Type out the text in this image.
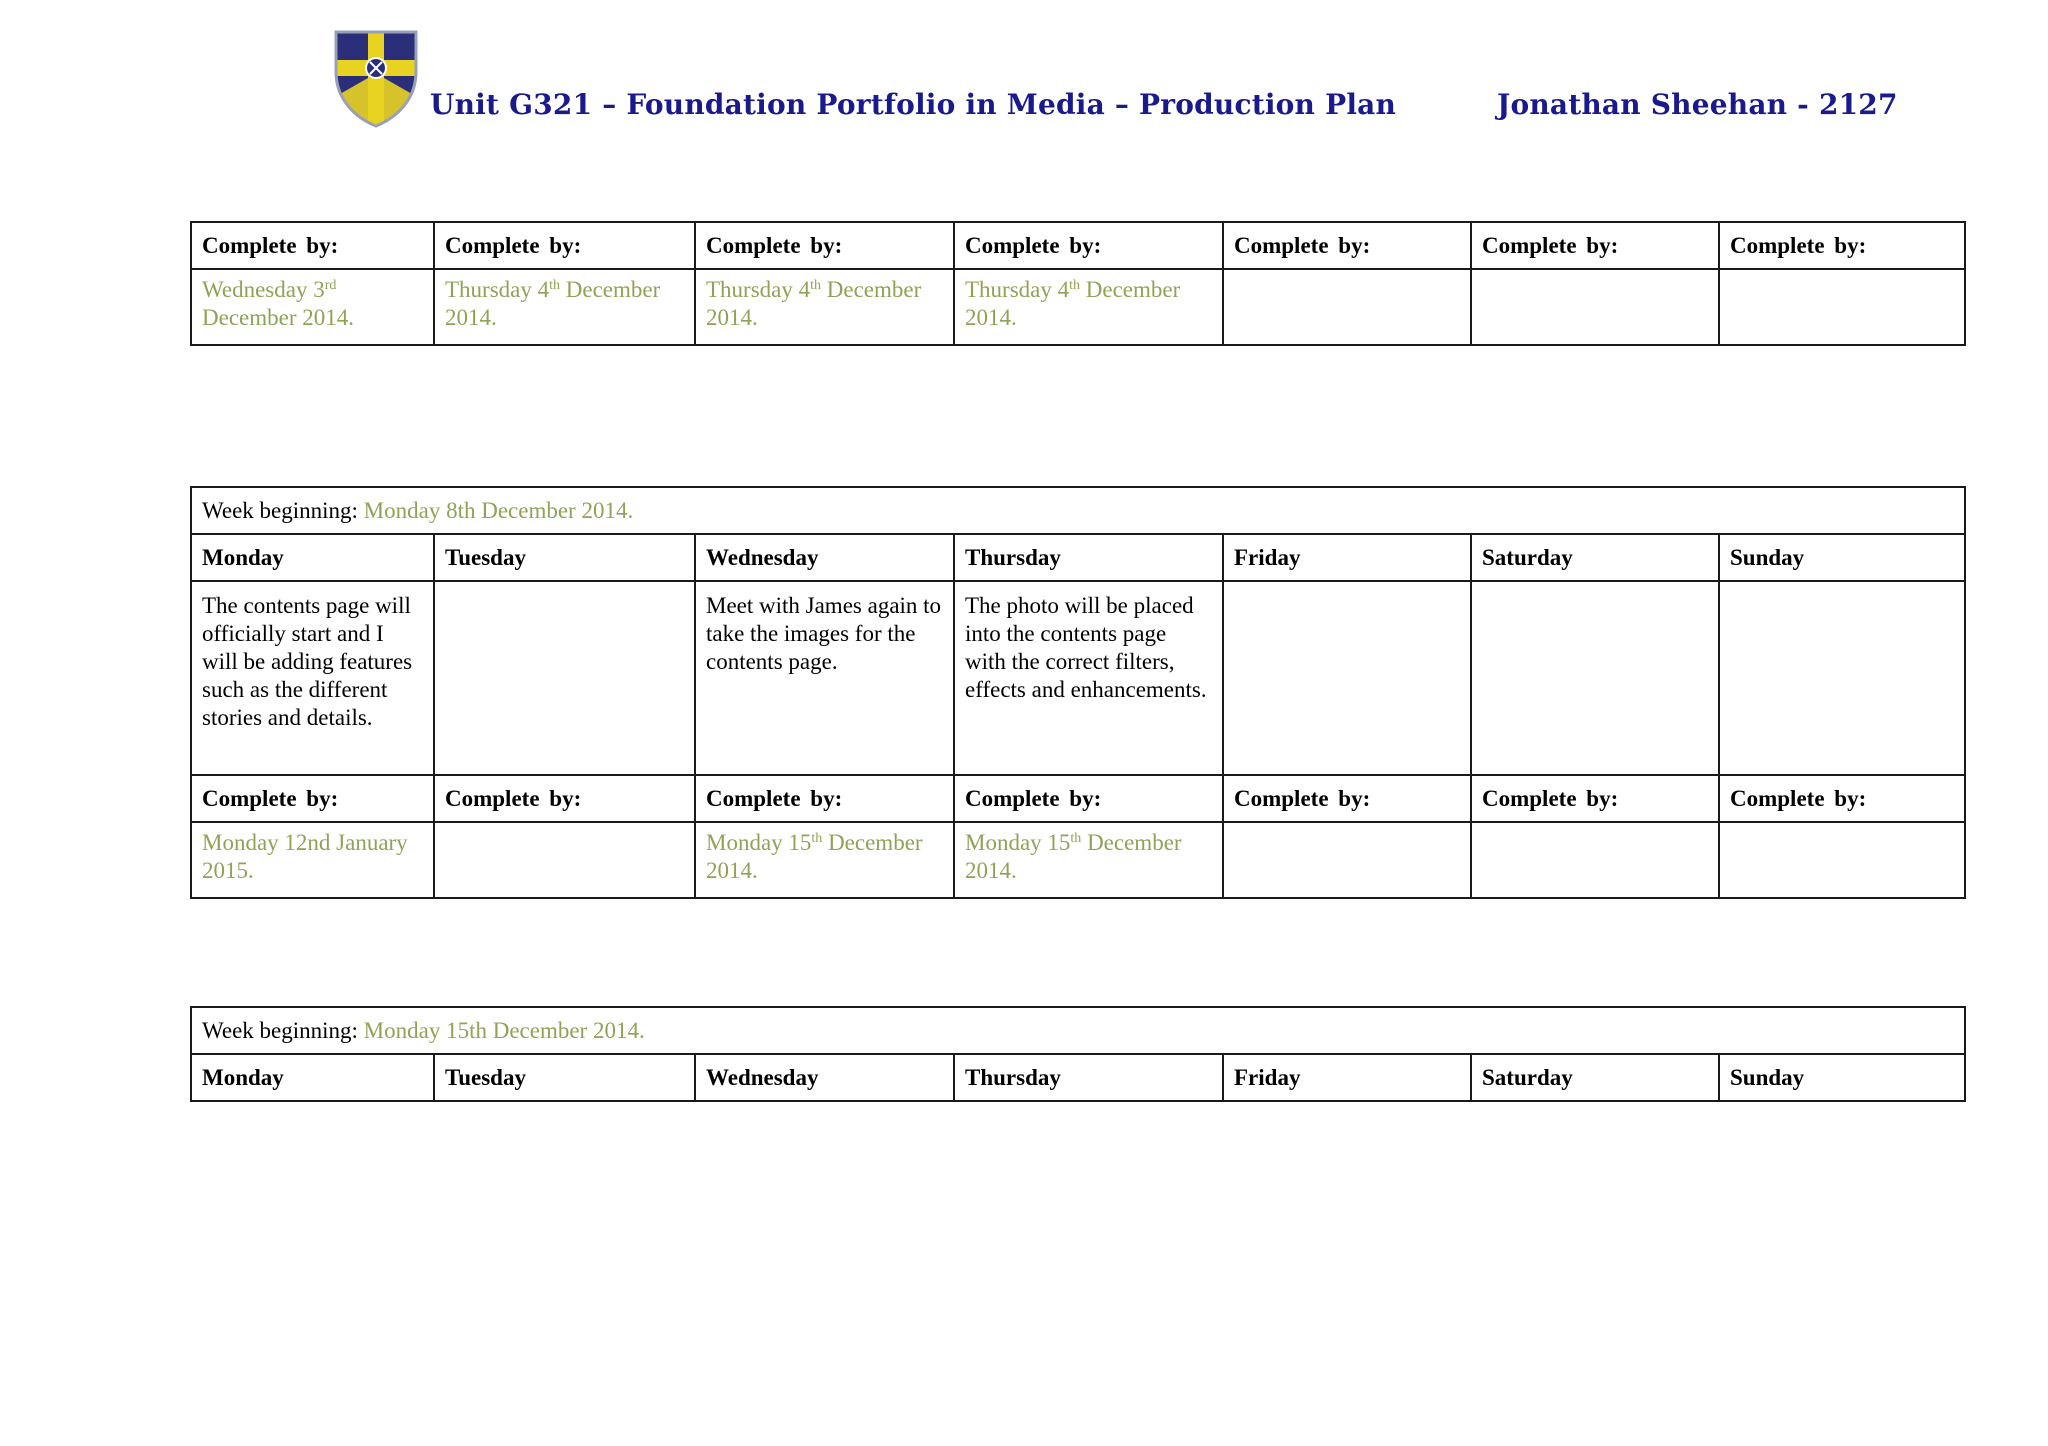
Unit G321 – Foundation Portfolio in Media – Production Plan	Jonathan Sheehan - 2127
Complete by:	Complete by:	Complete by:	Complete by:	Complete by:	Complete by:	Complete by:
Wednesday 3rd December 2014.	Thursday 4th December 2014.	Thursday 4th December 2014.	Thursday 4th December 2014.			
Week beginning: Monday 8th December 2014.						
Monday	Tuesday	Wednesday	Thursday	Friday	Saturday	Sunday
The contents page will officially start and I will be adding features such as the different stories and details.		Meet with James again to take the images for the contents page.	The photo will be placed into the contents page with the correct filters, effects and enhancements.			
Complete by:	Complete by:	Complete by:	Complete by:	Complete by:	Complete by:	Complete by:
Monday 12nd January 2015.		Monday 15th December 2014.	Monday 15th December 2014.			
Week beginning: Monday 15th December 2014.
Monday	Tuesday	Wednesday	Thursday	Friday	Saturday	Sunday
